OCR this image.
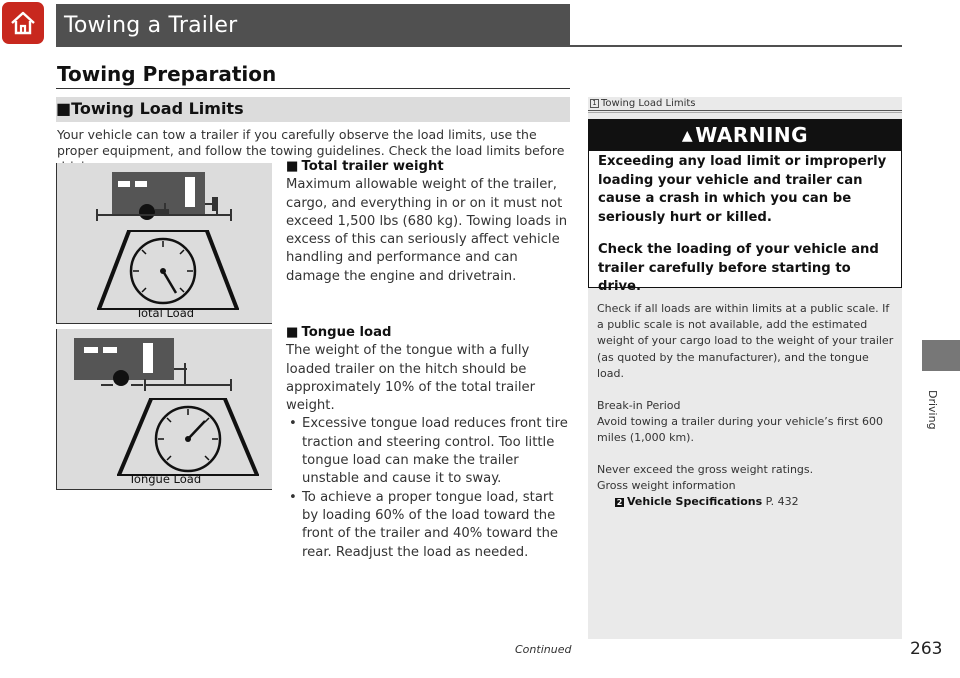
Towing a Trailer
Towing Preparation
■Towing Load Limits
Your vehicle can tow a trailer if you carefully observe the load limits, use the proper equipment, and follow the towing guidelines. Check the load limits before
Total Load
Tongue Load
■ Total trailer weight
Maximum allowable weight of the trailer, cargo, and everything in or on it must not exceed 1,500 lbs (680 kg). Towing loads in excess of this can seriously affect vehicle handling and performance and can damage the engine and drivetrain.
■ Tongue load
The weight of the tongue with a fully loaded trailer on the hitch should be approximately 10% of the total trailer weight.
• Excessive tongue load reduces front tire traction and steering control. Too little tongue load can make the trailer unstable and cause it to sway.
• To achieve a proper tongue load, start by loading 60% of the load toward the front of the trailer and 40% toward the rear. Readjust the load as needed.
1 Towing Load Limits
▲ WARNING
Exceeding any load limit or improperly loading your vehicle and trailer can cause a crash in which you can be seriously hurt or killed.
Check the loading of your vehicle and trailer carefully before starting to drive.
Check if all loads are within limits at a public scale. If a public scale is not available, add the estimated weight of your cargo load to the weight of your trailer (as quoted by the manufacturer), and the tongue load.
Break-in Period
Avoid towing a trailer during your vehicle’s first 600 miles (1,000 km).
Never exceed the gross weight ratings.
Gross weight information
2 Vehicle Specifications P. 432
Driving
Continued	263
